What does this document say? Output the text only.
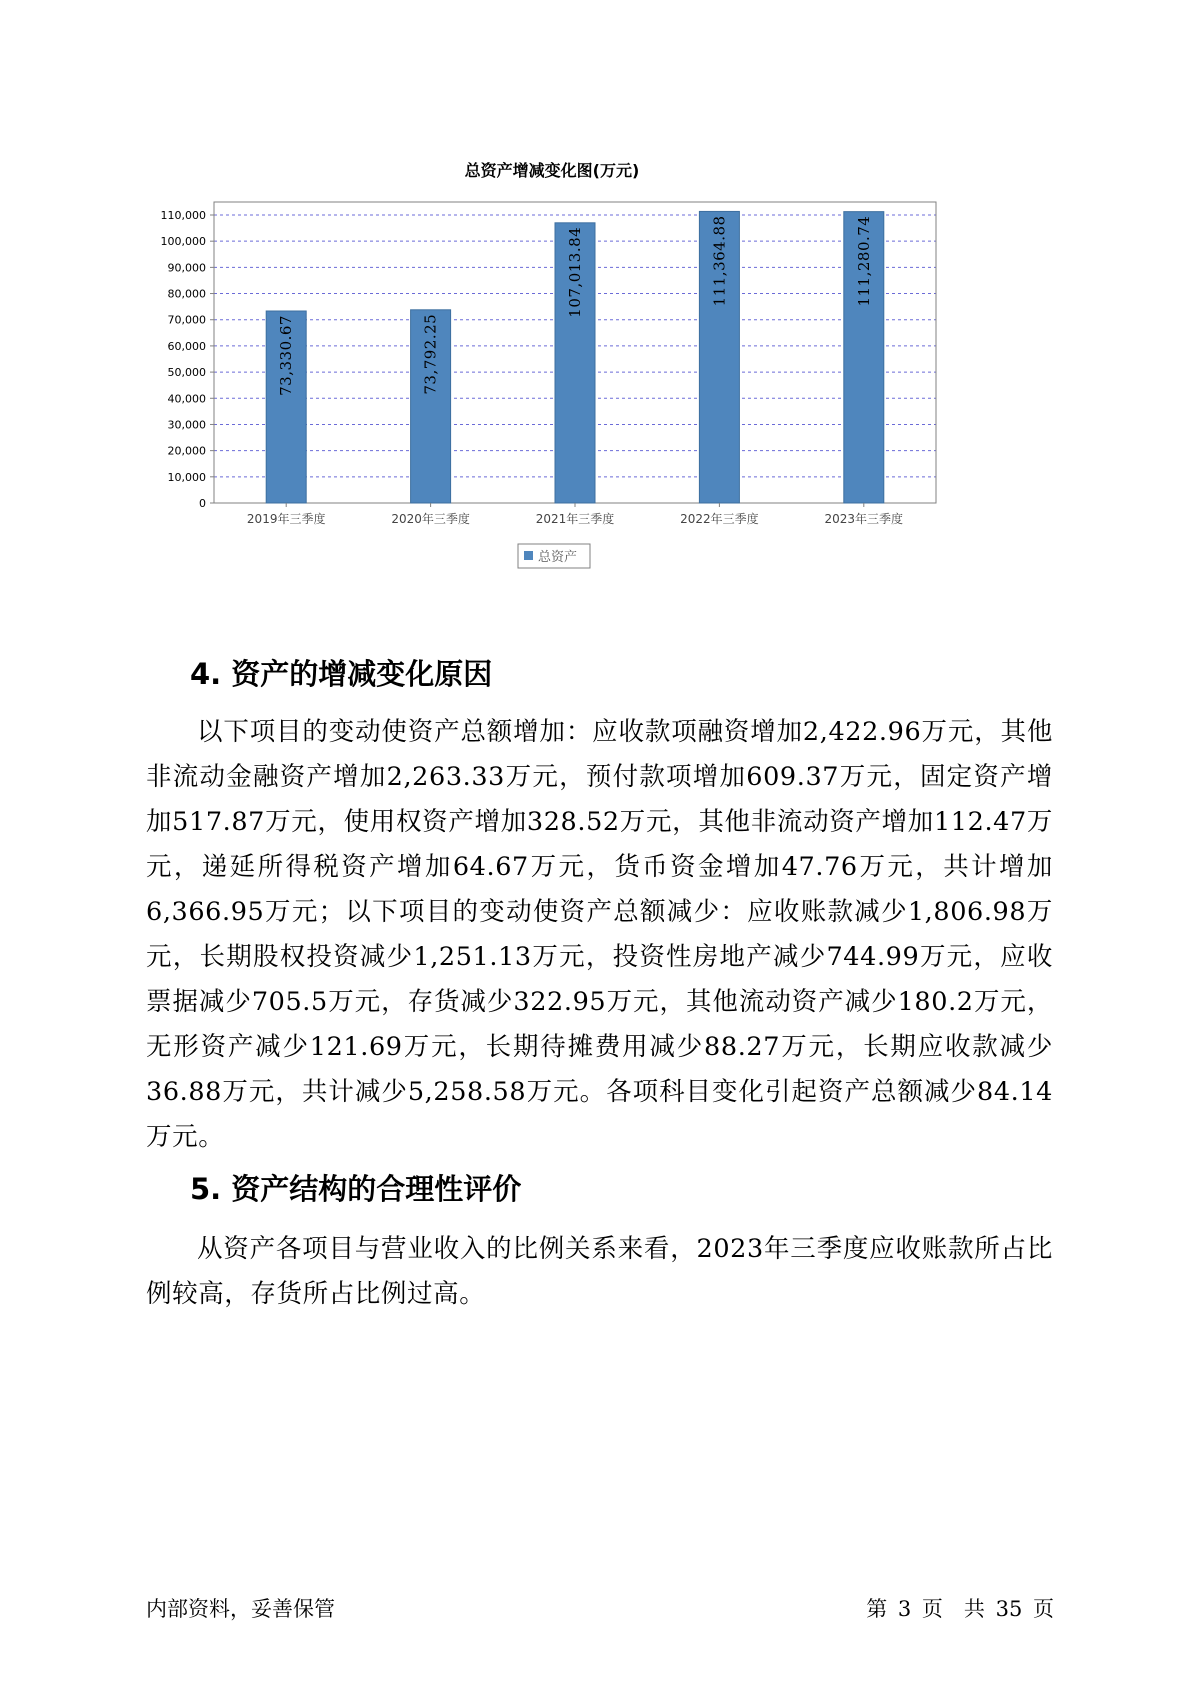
总资产增减变化图(万元)
0
10,000
20,000
30,000
40,000
50,000
60,000
70,000
80,000
90,000
100,000
110,000
73,330.67	73,792.25
107,013.84	111,364.88	111,280.74
2019年三季度	2020年三季度	2021年三季度	2022年三季度	2023年三季度
总资产
4. 资产的增减变化原因

以下项目的变动使资产总额增加：应收款项融资增加2,422.96万元，其他非流动金融资产增加2,263.33万元，预付款项增加609.37万元，固定资产增加517.87万元，使用权资产增加328.52万元，其他非流动资产增加112.47万元，递延所得税资产增加64.67万元，货币资金增加47.76万元，共计增加6,366.95万元；以下项目的变动使资产总额减少：应收账款减少1,806.98万元，长期股权投资减少1,251.13万元，投资性房地产减少744.99万元，应收票据减少705.5万元，存货减少322.95万元，其他流动资产减少180.2万元，无形资产减少121.69万元，长期待摊费用减少88.27万元，长期应收款减少36.88万元，共计减少5,258.58万元。各项科目变化引起资产总额减少84.14万元。

5. 资产结构的合理性评价

从资产各项目与营业收入的比例关系来看，2023年三季度应收账款所占比例较高，存货所占比例过高。

内部资料，妥善保管	第 3 页　共 35 页
